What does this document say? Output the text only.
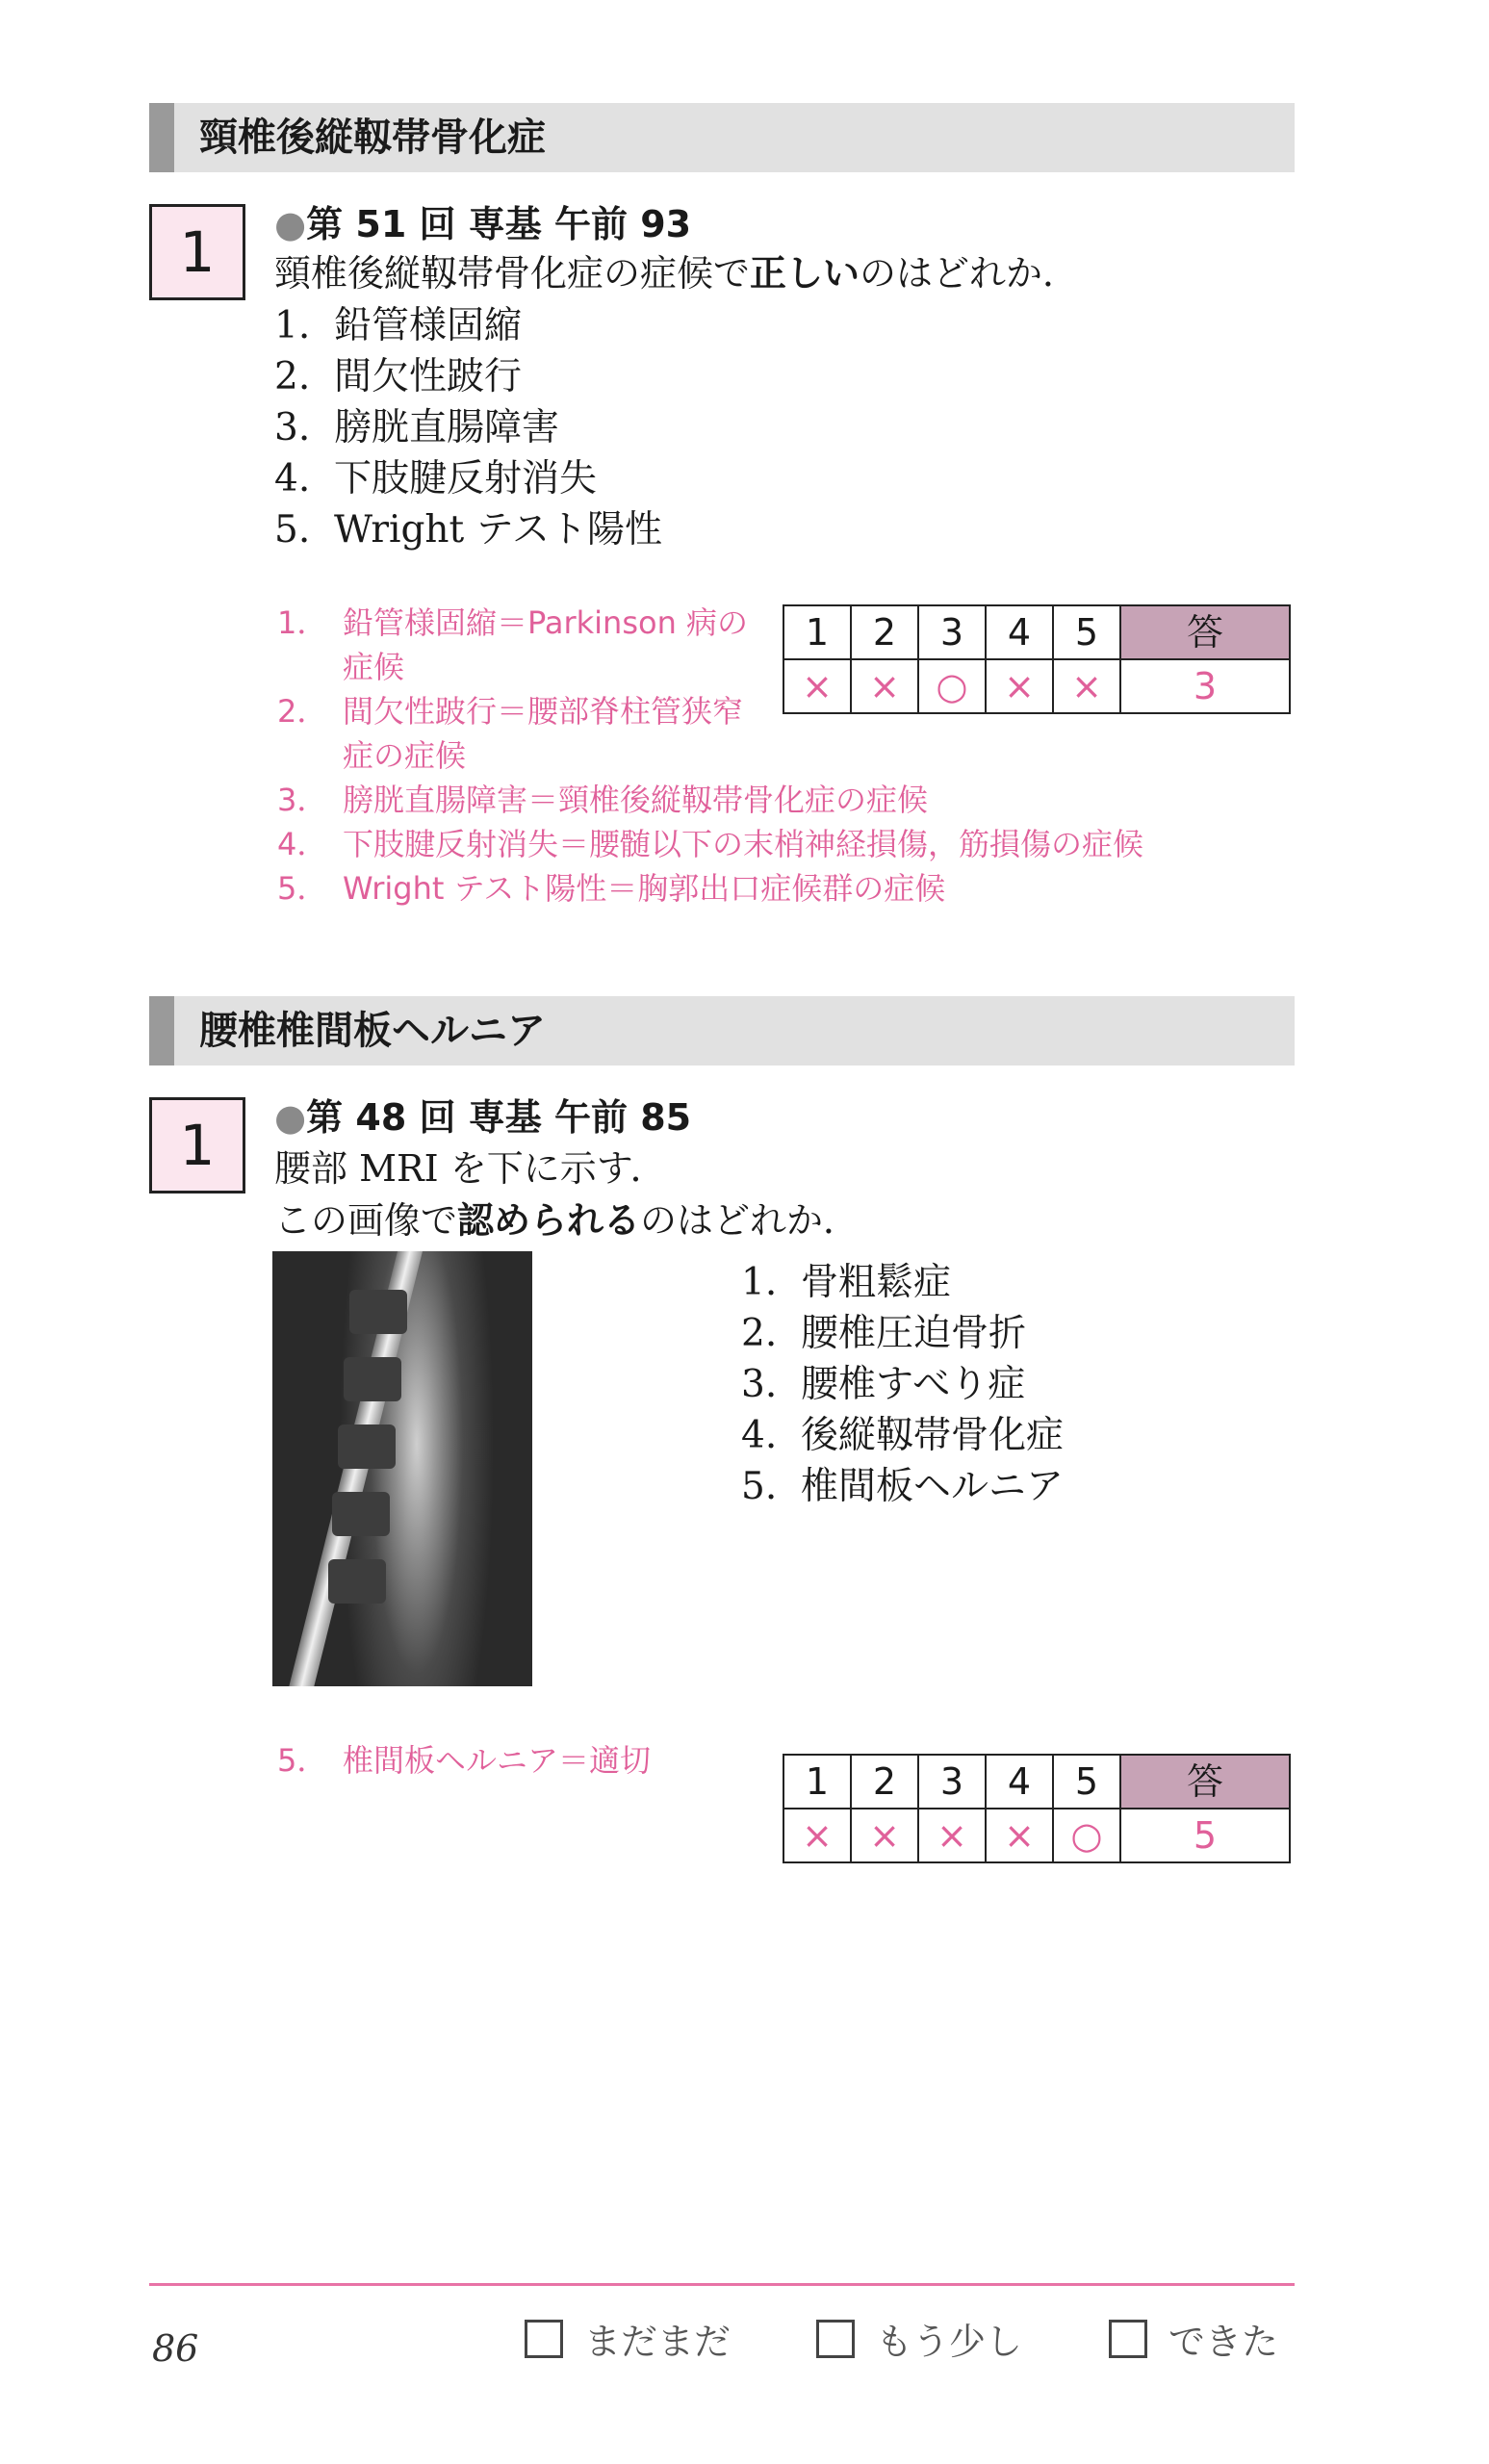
頸椎後縦靱帯骨化症
1	●第 51 回 専基 午前 93
頸椎後縦靱帯骨化症の症候で正しいのはどれか．
1. 鉛管様固縮
2. 間欠性跛行
3. 膀胱直腸障害
4. 下肢腱反射消失
5. Wright テスト陽性
1． 鉛管様固縮＝Parkinson 病の症候
2． 間欠性跛行＝腰部脊柱管狭窄症の症候
3． 膀胱直腸障害＝頸椎後縦靱帯骨化症の症候
4． 下肢腱反射消失＝腰髄以下の末梢神経損傷，筋損傷の症候
5． Wright テスト陽性＝胸郭出口症候群の症候
1	2	3	4	5	答
×	×	○	×	×	3
腰椎椎間板ヘルニア
1	●第 48 回 専基 午前 85
腰部 MRI を下に示す．
この画像で認められるのはどれか．
1. 骨粗鬆症
2. 腰椎圧迫骨折
3. 腰椎すべり症
4. 後縦靱帯骨化症
5. 椎間板ヘルニア
5． 椎間板ヘルニア＝適切	1	2	3	4	5	答
×	×	×	×	○	5
86	まだまだ	もう少し	できた
